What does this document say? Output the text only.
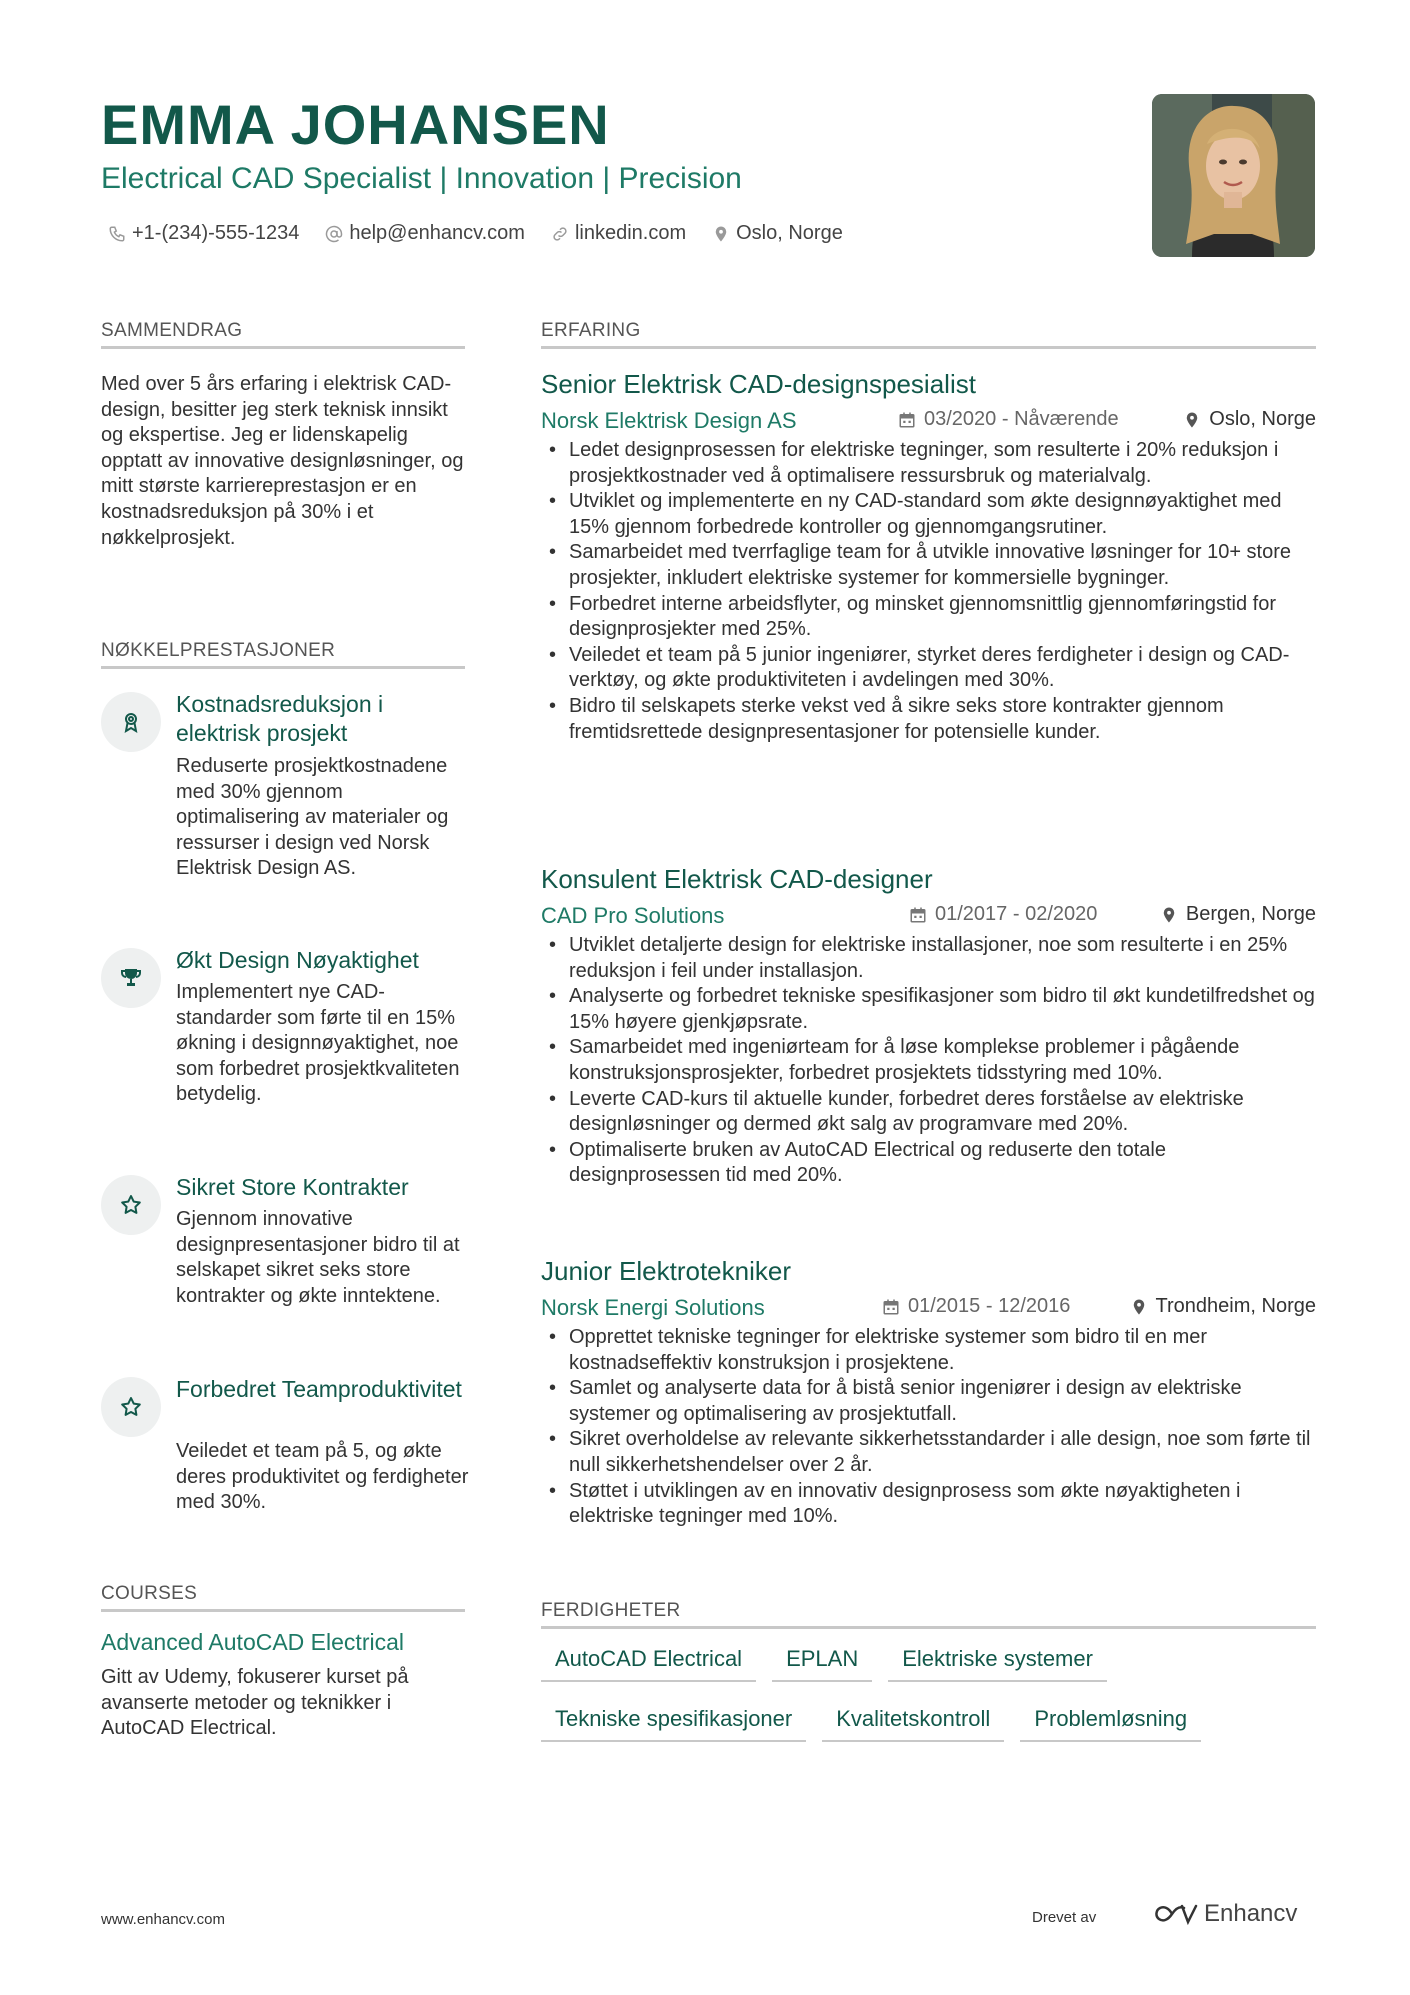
EMMA JOHANSEN
Electrical CAD Specialist | Innovation | Precision
+1-(234)-555-1234	help@enhancv.com	linkedin.com	Oslo, Norge
SAMMENDRAG
Med over 5 års erfaring i elektrisk CAD-design, besitter jeg sterk teknisk innsikt og ekspertise. Jeg er lidenskapelig opptatt av innovative designløsninger, og mitt største karriereprestasjon er en kostnadsreduksjon på 30% i et nøkkelprosjekt.
NØKKELPRESTASJONER
Kostnadsreduksjon i elektrisk prosjekt
Reduserte prosjektkostnadene med 30% gjennom optimalisering av materialer og ressurser i design ved Norsk Elektrisk Design AS.
Økt Design Nøyaktighet
Implementert nye CAD-standarder som førte til en 15% økning i designnøyaktighet, noe som forbedret prosjektkvaliteten betydelig.
Sikret Store Kontrakter
Gjennom innovative designpresentasjoner bidro til at selskapet sikret seks store kontrakter og økte inntektene.
Forbedret Teamproduktivitet
Veiledet et team på 5, og økte deres produktivitet og ferdigheter med 30%.
COURSES
Advanced AutoCAD Electrical
Gitt av Udemy, fokuserer kurset på avanserte metoder og teknikker i AutoCAD Electrical.
ERFARING
Senior Elektrisk CAD-designspesialist
Norsk Elektrisk Design AS	03/2020 - Nåværende	Oslo, Norge
• Ledet designprosessen for elektriske tegninger, som resulterte i 20% reduksjon i prosjektkostnader ved å optimalisere ressursbruk og materialvalg.
• Utviklet og implementerte en ny CAD-standard som økte designnøyaktighet med 15% gjennom forbedrede kontroller og gjennomgangsrutiner.
• Samarbeidet med tverrfaglige team for å utvikle innovative løsninger for 10+ store prosjekter, inkludert elektriske systemer for kommersielle bygninger.
• Forbedret interne arbeidsflyter, og minsket gjennomsnittlig gjennomføringstid for designprosjekter med 25%.
• Veiledet et team på 5 junior ingeniører, styrket deres ferdigheter i design og CAD-verktøy, og økte produktiviteten i avdelingen med 30%.
• Bidro til selskapets sterke vekst ved å sikre seks store kontrakter gjennom fremtidsrettede designpresentasjoner for potensielle kunder.
Konsulent Elektrisk CAD-designer
CAD Pro Solutions	01/2017 - 02/2020	Bergen, Norge
• Utviklet detaljerte design for elektriske installasjoner, noe som resulterte i en 25% reduksjon i feil under installasjon.
• Analyserte og forbedret tekniske spesifikasjoner som bidro til økt kundetilfredshet og 15% høyere gjenkjøpsrate.
• Samarbeidet med ingeniørteam for å løse komplekse problemer i pågående konstruksjonsprosjekter, forbedret prosjektets tidsstyring med 10%.
• Leverte CAD-kurs til aktuelle kunder, forbedret deres forståelse av elektriske designløsninger og dermed økt salg av programvare med 20%.
• Optimaliserte bruken av AutoCAD Electrical og reduserte den totale designprosessen tid med 20%.
Junior Elektrotekniker
Norsk Energi Solutions	01/2015 - 12/2016	Trondheim, Norge
• Opprettet tekniske tegninger for elektriske systemer som bidro til en mer kostnadseffektiv konstruksjon i prosjektene.
• Samlet og analyserte data for å bistå senior ingeniører i design av elektriske systemer og optimalisering av prosjektutfall.
• Sikret overholdelse av relevante sikkerhetsstandarder i alle design, noe som førte til null sikkerhetshendelser over 2 år.
• Støttet i utviklingen av en innovativ designprosess som økte nøyaktigheten i elektriske tegninger med 10%.
FERDIGHETER
AutoCAD Electrical	EPLAN	Elektriske systemer
Tekniske spesifikasjoner	Kvalitetskontroll	Problemløsning
www.enhancv.com	Drevet av	Enhancv
